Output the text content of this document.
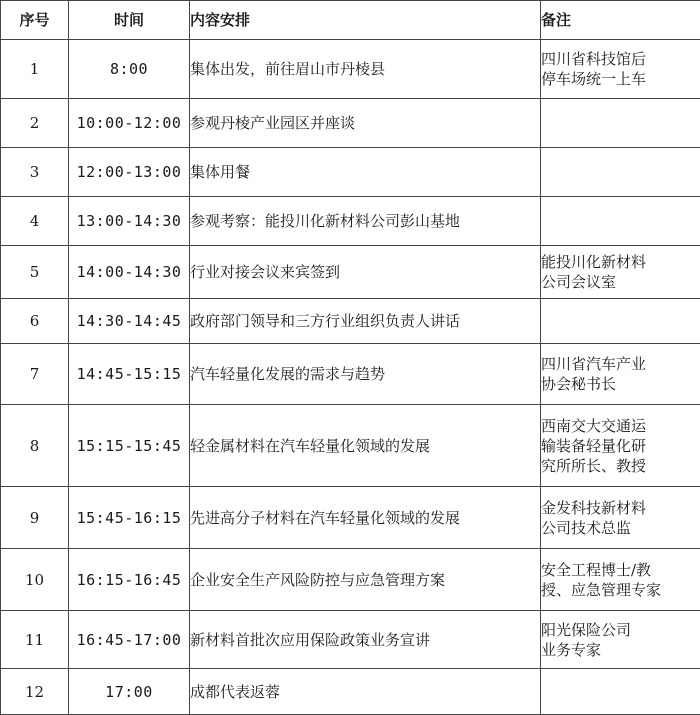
序号	时间	内容安排	备注
1	8:00	集体出发，前往眉山市丹棱县	四川省科技馆后
停车场统一上车

2	10:00-12:00	参观丹棱产业园区并座谈	
3	12:00-13:00	集体用餐	
4	13:00-14:30	参观考察：能投川化新材料公司彭山基地	
5	14:00-14:30	行业对接会议来宾签到	能投川化新材料
公司会议室

6	14:30-14:45	政府部门领导和三方行业组织负责人讲话	
7	14:45-15:15	汽车轻量化发展的需求与趋势	四川省汽车产业
协会秘书长

8	15:15-15:45	轻金属材料在汽车轻量化领域的发展	西南交大交通运
输装备轻量化研
究所所长、教授

9	15:45-16:15	先进高分子材料在汽车轻量化领域的发展	金发科技新材料
公司技术总监

10	16:15-16:45	企业安全生产风险防控与应急管理方案	安全工程博士/教
授、应急管理专家

11	16:45-17:00	新材料首批次应用保险政策业务宣讲	阳光保险公司
业务专家

12	17:00	成都代表返蓉	
